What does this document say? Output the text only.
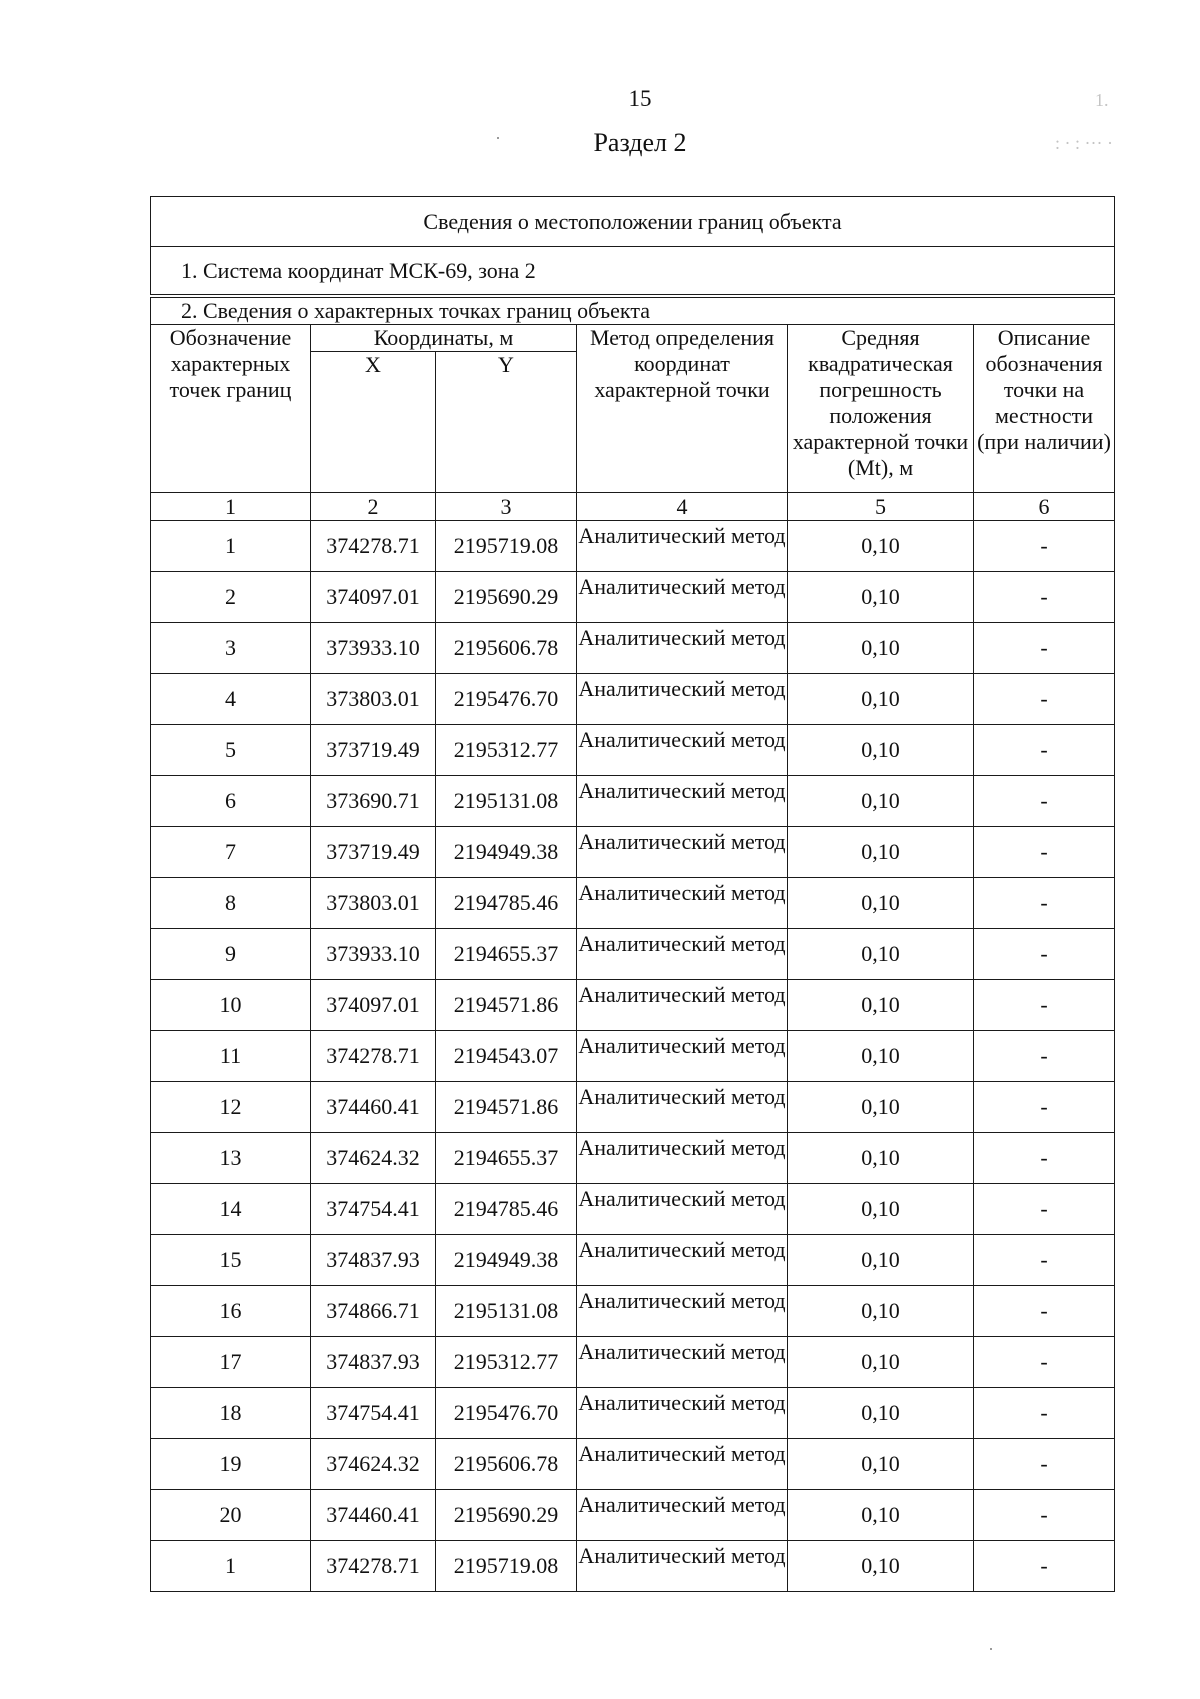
15
Раздел 2
1.
: · : ··· ·
Сведения о местоположении границ объекта
1. Система координат МСК-69, зона 2
2. Сведения о характерных точках границ объекта					
Обозначение характерных точек границ	Координаты, м		Метод определения координат характерной точки	Средняя квадратическая погрешность положения характерной точки (Mt), м	Описание обозначения точки на местности (при наличии)
	X	Y			
1	2	3	4	5	6
1	374278.71	2195719.08	Аналитический метод	0,10	-
2	374097.01	2195690.29	Аналитический метод	0,10	-
3	373933.10	2195606.78	Аналитический метод	0,10	-
4	373803.01	2195476.70	Аналитический метод	0,10	-
5	373719.49	2195312.77	Аналитический метод	0,10	-
6	373690.71	2195131.08	Аналитический метод	0,10	-
7	373719.49	2194949.38	Аналитический метод	0,10	-
8	373803.01	2194785.46	Аналитический метод	0,10	-
9	373933.10	2194655.37	Аналитический метод	0,10	-
10	374097.01	2194571.86	Аналитический метод	0,10	-
11	374278.71	2194543.07	Аналитический метод	0,10	-
12	374460.41	2194571.86	Аналитический метод	0,10	-
13	374624.32	2194655.37	Аналитический метод	0,10	-
14	374754.41	2194785.46	Аналитический метод	0,10	-
15	374837.93	2194949.38	Аналитический метод	0,10	-
16	374866.71	2195131.08	Аналитический метод	0,10	-
17	374837.93	2195312.77	Аналитический метод	0,10	-
18	374754.41	2195476.70	Аналитический метод	0,10	-
19	374624.32	2195606.78	Аналитический метод	0,10	-
20	374460.41	2195690.29	Аналитический метод	0,10	-
1	374278.71	2195719.08	Аналитический метод	0,10	-
